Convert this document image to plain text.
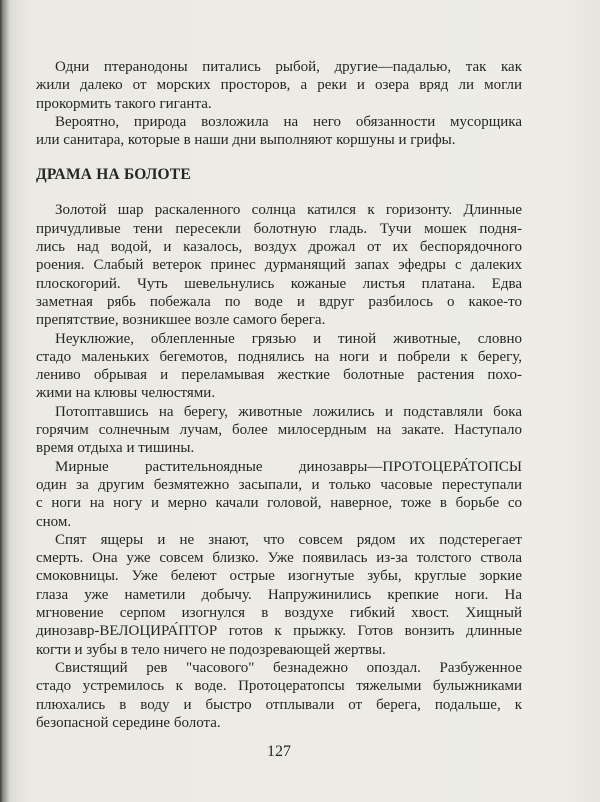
Одни птеранодоны питались рыбой, другие—падалью, так как
жили далеко от морских просторов, а реки и озера вряд ли могли
прокормить такого гиганта.
Вероятно, природа возложила на него обязанности мусорщика
или санитара, которые в наши дни выполняют коршуны и грифы.
ДРАМА НА БОЛОТЕ
Золотой шар раскаленного солнца катился к горизонту. Длинные
причудливые тени пересекли болотную гладь. Тучи мошек подня-
лись над водой, и казалось, воздух дрожал от их беспорядочного
роения. Слабый ветерок принес дурманящий запах эфедры с далеких
плоскогорий. Чуть шевельнулись кожаные листья платана. Едва
заметная рябь побежала по воде и вдруг разбилось о какое-то
препятствие, возникшее возле самого берега.
Неуклюжие, облепленные грязью и тиной животные, словно
стадо маленьких бегемотов, поднялись на ноги и побрели к берегу,
лениво обрывая и переламывая жесткие болотные растения похо-
жими на клювы челюстями.
Потоптавшись на берегу, животные ложились и подставляли бока
горячим солнечным лучам, более милосердным на закате. Наступало
время отдыха и тишины.
Мирные растительноядные динозавры—ПРОТОЦЕРА́ТОПСЫ
один за другим безмятежно засыпали, и только часовые переступали
с ноги на ногу и мерно качали головой, наверное, тоже в борьбе со
сном.
Спят ящеры и не знают, что совсем рядом их подстерегает
смерть. Она уже совсем близко. Уже появилась из-за толстого ствола
смоковницы. Уже белеют острые изогнутые зубы, круглые зоркие
глаза уже наметили добычу. Напружинились крепкие ноги. На
мгновение серпом изогнулся в воздухе гибкий хвост. Хищный
динозавр-ВЕЛОЦИРА́ПТОР готов к прыжку. Готов вонзить длинные
когти и зубы в тело ничего не подозревающей жертвы.
Свистящий рев "часового" безнадежно опоздал. Разбуженное
стадо устремилось к воде. Протоцератопсы тяжелыми булыжниками
плюхались в воду и быстро отплывали от берега, подальше, к
безопасной середине болота.
127
